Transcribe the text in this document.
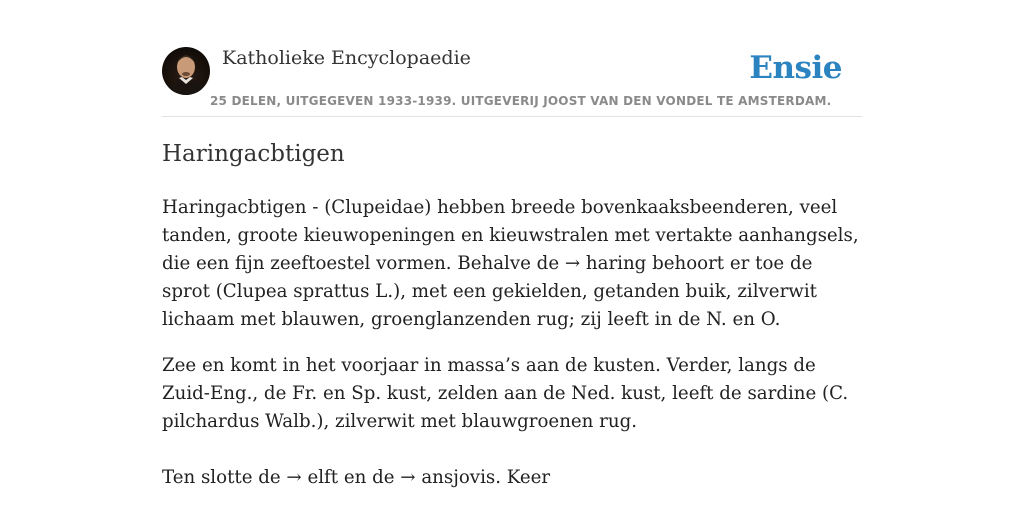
Katholieke Encyclopaedie	Ensie
25 DELEN, UITGEGEVEN 1933-1939. UITGEVERIJ JOOST VAN DEN VONDEL TE AMSTERDAM.
Haringacbtigen

Haringacbtigen - (Clupeidae) hebben breede bovenkaaksbeenderen, veel tanden, groote kieuwopeningen en kieuwstralen met vertakte aanhangsels, die een fijn zeeftoestel vormen. Behalve de → haring behoort er toe de sprot (Clupea sprattus L.), met een gekielden, getanden buik, zilverwit lichaam met blauwen, groenglanzenden rug; zij leeft in de N. en O.

Zee en komt in het voorjaar in massa’s aan de kusten. Verder, langs de Zuid-Eng., de Fr. en Sp. kust, zelden aan de Ned. kust, leeft de sardine (C. pilchardus Walb.), zilverwit met blauwgroenen rug.

Ten slotte de → elft en de → ansjovis. Keer
